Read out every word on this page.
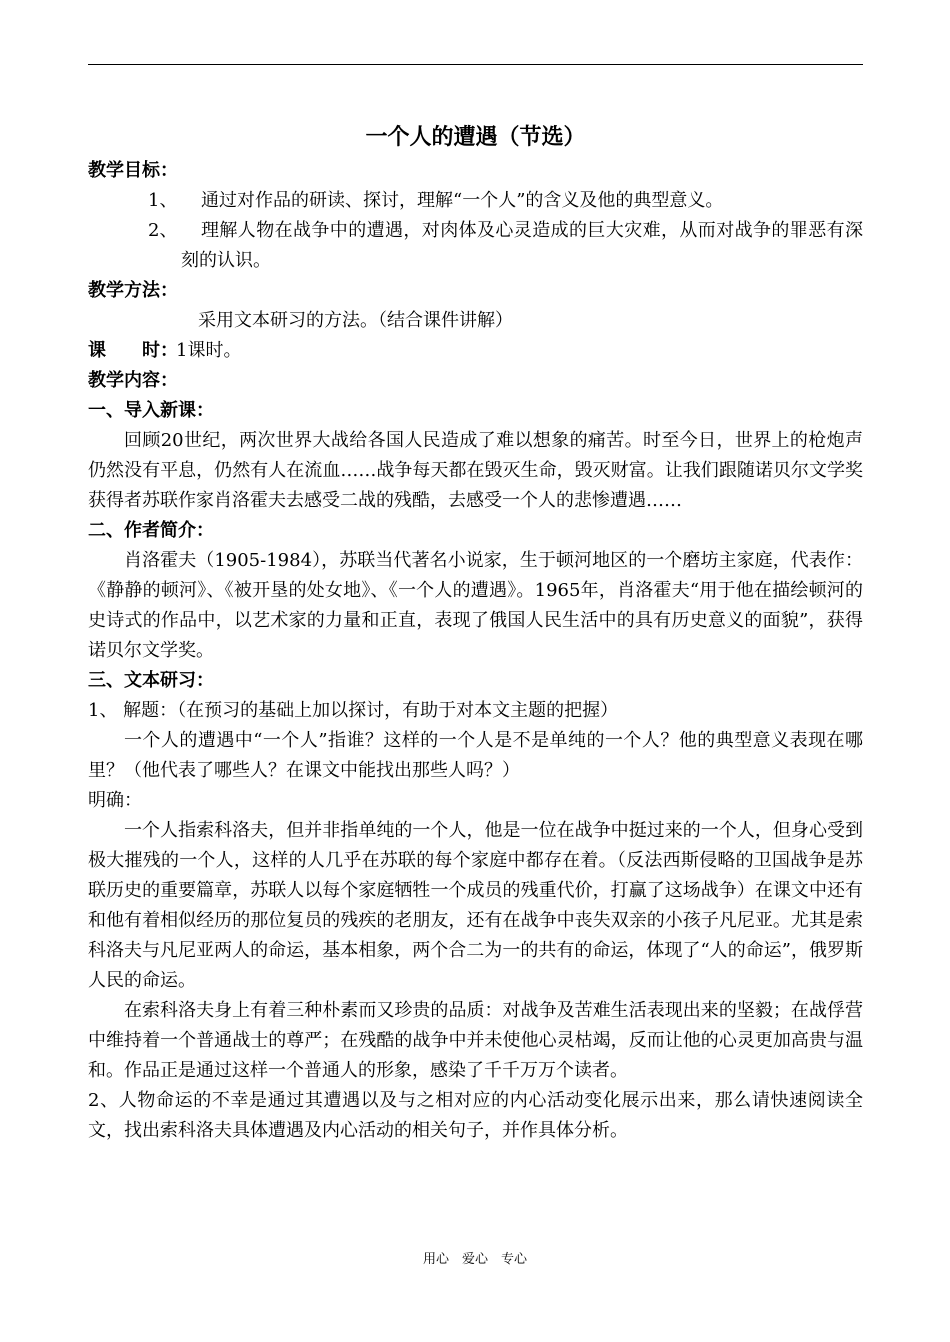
一个人的遭遇（节选）
教学目标：
1、	通过对作品的研读、探讨，理解“一个人”的含义及他的典型意义。
2、	理解人物在战争中的遭遇，对肉体及心灵造成的巨大灾难，从而对战争的罪恶有深刻的认识。
教学方法：
采用文本研习的方法。（结合课件讲解）
课　　时：1课时。
教学内容：
一、导入新课：

回顾20世纪，两次世界大战给各国人民造成了难以想象的痛苦。时至今日，世界上的枪炮声仍然没有平息，仍然有人在流血……战争每天都在毁灭生命，毁灭财富。让我们跟随诺贝尔文学奖获得者苏联作家肖洛霍夫去感受二战的残酷，去感受一个人的悲惨遭遇……

二、作者简介：

肖洛霍夫（1905-1984），苏联当代著名小说家，生于顿河地区的一个磨坊主家庭，代表作：《静静的顿河》、《被开垦的处女地》、《一个人的遭遇》。1965年，肖洛霍夫“用于他在描绘顿河的史诗式的作品中，以艺术家的力量和正直，表现了俄国人民生活中的具有历史意义的面貌”，获得诺贝尔文学奖。

三、文本研习：
1、 解题：（在预习的基础上加以探讨，有助于对本文主题的把握）

一个人的遭遇中“一个人”指谁？这样的一个人是不是单纯的一个人？他的典型意义表现在哪里？（他代表了哪些人？在课文中能找出那些人吗？）

明确：

一个人指索科洛夫，但并非指单纯的一个人，他是一位在战争中挺过来的一个人，但身心受到极大摧残的一个人，这样的人几乎在苏联的每个家庭中都存在着。（反法西斯侵略的卫国战争是苏联历史的重要篇章，苏联人以每个家庭牺牲一个成员的残重代价，打赢了这场战争）在课文中还有和他有着相似经历的那位复员的残疾的老朋友，还有在战争中丧失双亲的小孩子凡尼亚。尤其是索科洛夫与凡尼亚两人的命运，基本相象，两个合二为一的共有的命运，体现了“人的命运”，俄罗斯人民的命运。

在索科洛夫身上有着三种朴素而又珍贵的品质：对战争及苦难生活表现出来的坚毅；在战俘营中维持着一个普通战士的尊严；在残酷的战争中并未使他心灵枯竭，反而让他的心灵更加高贵与温和。作品正是通过这样一个普通人的形象，感染了千千万万个读者。

2、人物命运的不幸是通过其遭遇以及与之相对应的内心活动变化展示出来，那么请快速阅读全文，找出索科洛夫具体遭遇及内心活动的相关句子，并作具体分析。

用心　爱心　专心
